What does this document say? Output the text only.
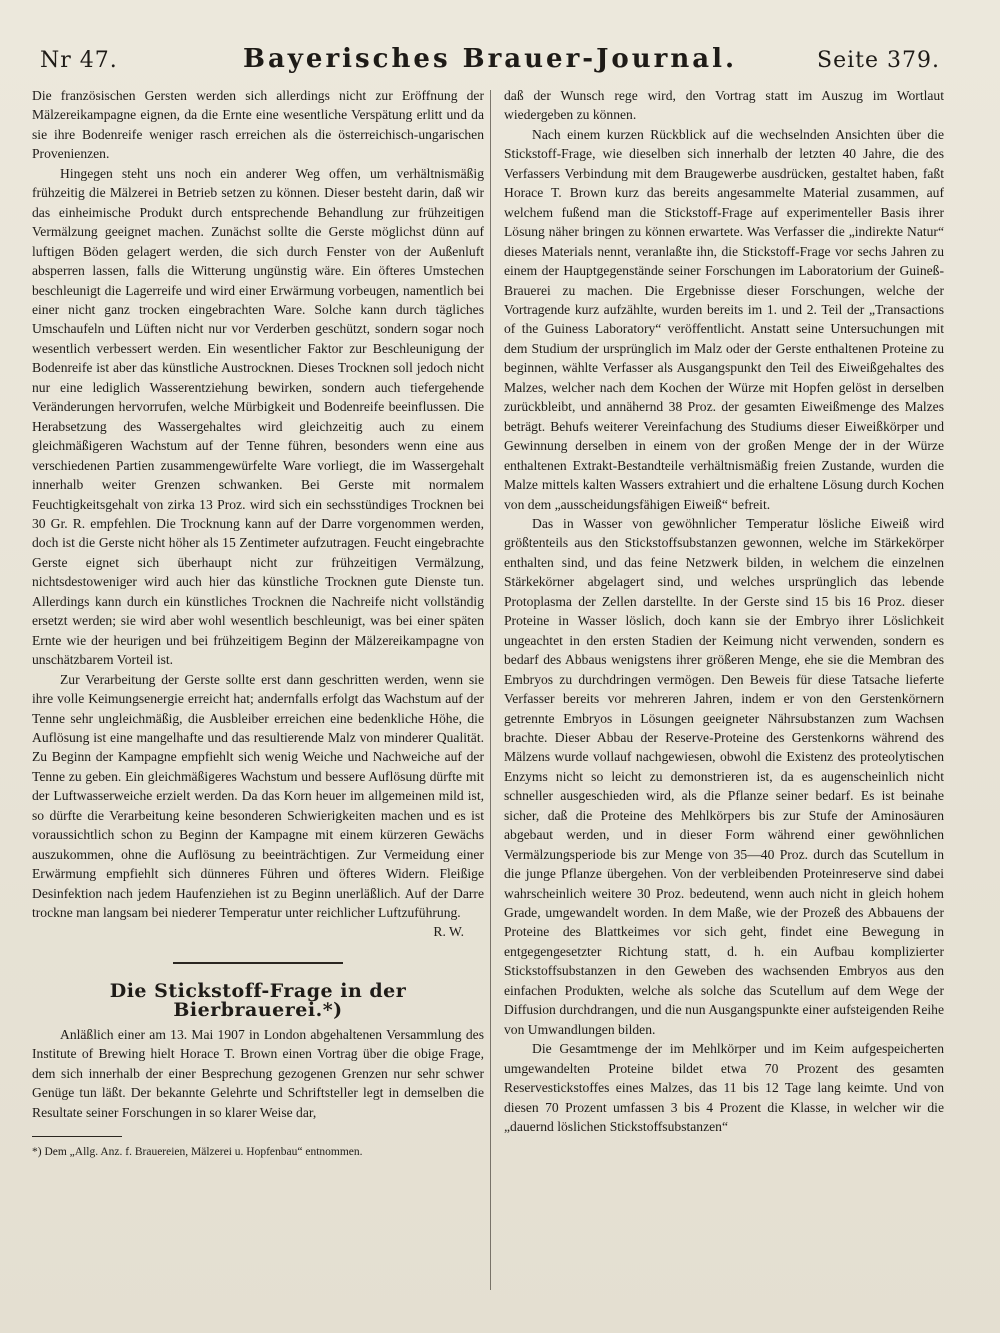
Nr 47.	Bayerisches Brauer-Journal.	Seite 379.

Die französischen Gersten werden sich allerdings nicht zur Eröffnung der Mälzereikampagne eignen, da die Ernte eine wesentliche Verspätung erlitt und da sie ihre Bodenreife weniger rasch erreichen als die österreichisch-ungarischen Provenienzen.

Hingegen steht uns noch ein anderer Weg offen, um verhältnismäßig frühzeitig die Mälzerei in Betrieb setzen zu können. Dieser besteht darin, daß wir das einheimische Produkt durch entsprechende Behandlung zur frühzeitigen Vermälzung geeignet machen. Zunächst sollte die Gerste möglichst dünn auf luftigen Böden gelagert werden, die sich durch Fenster von der Außenluft absperren lassen, falls die Witterung ungünstig wäre. Ein öfteres Umstechen beschleunigt die Lagerreife und wird einer Erwärmung vorbeugen, namentlich bei einer nicht ganz trocken eingebrachten Ware. Solche kann durch tägliches Umschaufeln und Lüften nicht nur vor Verderben geschützt, sondern sogar noch wesentlich verbessert werden. Ein wesentlicher Faktor zur Beschleunigung der Bodenreife ist aber das künstliche Austrocknen. Dieses Trocknen soll jedoch nicht nur eine lediglich Wasserentziehung bewirken, sondern auch tiefergehende Veränderungen hervorrufen, welche Mürbigkeit und Bodenreife beeinflussen. Die Herabsetzung des Wassergehaltes wird gleichzeitig auch zu einem gleichmäßigeren Wachstum auf der Tenne führen, besonders wenn eine aus verschiedenen Partien zusammengewürfelte Ware vorliegt, die im Wassergehalt innerhalb weiter Grenzen schwanken. Bei Gerste mit normalem Feuchtigkeitsgehalt von zirka 13 Proz. wird sich ein sechsstündiges Trocknen bei 30 Gr. R. empfehlen. Die Trocknung kann auf der Darre vorgenommen werden, doch ist die Gerste nicht höher als 15 Zentimeter aufzutragen. Feucht eingebrachte Gerste eignet sich überhaupt nicht zur frühzeitigen Vermälzung, nichtsdestoweniger wird auch hier das künstliche Trocknen gute Dienste tun. Allerdings kann durch ein künstliches Trocknen die Nachreife nicht vollständig ersetzt werden; sie wird aber wohl wesentlich beschleunigt, was bei einer späten Ernte wie der heurigen und bei frühzeitigem Beginn der Mälzereikampagne von unschätzbarem Vorteil ist.

Zur Verarbeitung der Gerste sollte erst dann geschritten werden, wenn sie ihre volle Keimungsenergie erreicht hat; andernfalls erfolgt das Wachstum auf der Tenne sehr ungleichmäßig, die Ausbleiber erreichen eine bedenkliche Höhe, die Auflösung ist eine mangelhafte und das resultierende Malz von minderer Qualität. Zu Beginn der Kampagne empfiehlt sich wenig Weiche und Nachweiche auf der Tenne zu geben. Ein gleichmäßigeres Wachstum und bessere Auflösung dürfte mit der Luftwasserweiche erzielt werden. Da das Korn heuer im allgemeinen mild ist, so dürfte die Verarbeitung keine besonderen Schwierigkeiten machen und es ist voraussichtlich schon zu Beginn der Kampagne mit einem kürzeren Gewächs auszukommen, ohne die Auflösung zu beeinträchtigen. Zur Vermeidung einer Erwärmung empfiehlt sich dünneres Führen und öfteres Widern. Fleißige Desinfektion nach jedem Haufenziehen ist zu Beginn unerläßlich. Auf der Darre trockne man langsam bei niederer Temperatur unter reichlicher Luftzuführung.

R. W.

Die Stickstoff-Frage in der Bierbrauerei.*)

Anläßlich einer am 13. Mai 1907 in London abgehaltenen Versammlung des Institute of Brewing hielt Horace T. Brown einen Vortrag über die obige Frage, dem sich innerhalb der einer Besprechung gezogenen Grenzen nur sehr schwer Genüge tun läßt. Der bekannte Gelehrte und Schriftsteller legt in demselben die Resultate seiner Forschungen in so klarer Weise dar,

*) Dem „Allg. Anz. f. Brauereien, Mälzerei u. Hopfenbau“ entnommen.

daß der Wunsch rege wird, den Vortrag statt im Auszug im Wortlaut wiedergeben zu können.

Nach einem kurzen Rückblick auf die wechselnden Ansichten über die Stickstoff-Frage, wie dieselben sich innerhalb der letzten 40 Jahre, die des Verfassers Verbindung mit dem Braugewerbe ausdrücken, gestaltet haben, faßt Horace T. Brown kurz das bereits angesammelte Material zusammen, auf welchem fußend man die Stickstoff-Frage auf experimenteller Basis ihrer Lösung näher bringen zu können erwartete. Was Verfasser die „indirekte Natur“ dieses Materials nennt, veranlaßte ihn, die Stickstoff-Frage vor sechs Jahren zu einem der Hauptgegenstände seiner Forschungen im Laboratorium der Guineß-Brauerei zu machen. Die Ergebnisse dieser Forschungen, welche der Vortragende kurz aufzählte, wurden bereits im 1. und 2. Teil der „Transactions of the Guiness Laboratory“ veröffentlicht. Anstatt seine Untersuchungen mit dem Studium der ursprünglich im Malz oder der Gerste enthaltenen Proteine zu beginnen, wählte Verfasser als Ausgangspunkt den Teil des Eiweißgehaltes des Malzes, welcher nach dem Kochen der Würze mit Hopfen gelöst in derselben zurückbleibt, und annähernd 38 Proz. der gesamten Eiweißmenge des Malzes beträgt. Behufs weiterer Vereinfachung des Studiums dieser Eiweißkörper und Gewinnung derselben in einem von der großen Menge der in der Würze enthaltenen Extrakt-Bestandteile verhältnismäßig freien Zustande, wurden die Malze mittels kalten Wassers extrahiert und die erhaltene Lösung durch Kochen von dem „ausscheidungsfähigen Eiweiß“ befreit.

Das in Wasser von gewöhnlicher Temperatur lösliche Eiweiß wird größtenteils aus den Stickstoffsubstanzen gewonnen, welche im Stärkekörper enthalten sind, und das feine Netzwerk bilden, in welchem die einzelnen Stärkekörner abgelagert sind, und welches ursprünglich das lebende Protoplasma der Zellen darstellte. In der Gerste sind 15 bis 16 Proz. dieser Proteine in Wasser löslich, doch kann sie der Embryo ihrer Löslichkeit ungeachtet in den ersten Stadien der Keimung nicht verwenden, sondern es bedarf des Abbaus wenigstens ihrer größeren Menge, ehe sie die Membran des Embryos zu durchdringen vermögen. Den Beweis für diese Tatsache lieferte Verfasser bereits vor mehreren Jahren, indem er von den Gerstenkörnern getrennte Embryos in Lösungen geeigneter Nährsubstanzen zum Wachsen brachte. Dieser Abbau der Reserve-Proteine des Gerstenkorns während des Mälzens wurde vollauf nachgewiesen, obwohl die Existenz des proteolytischen Enzyms nicht so leicht zu demonstrieren ist, da es augenscheinlich nicht schneller ausgeschieden wird, als die Pflanze seiner bedarf. Es ist beinahe sicher, daß die Proteine des Mehlkörpers bis zur Stufe der Aminosäuren abgebaut werden, und in dieser Form während einer gewöhnlichen Vermälzungsperiode bis zur Menge von 35—40 Proz. durch das Scutellum in die junge Pflanze übergehen. Von der verbleibenden Proteinreserve sind dabei wahrscheinlich weitere 30 Proz. bedeutend, wenn auch nicht in gleich hohem Grade, umgewandelt worden. In dem Maße, wie der Prozeß des Abbauens der Proteine des Blattkeimes vor sich geht, findet eine Bewegung in entgegengesetzter Richtung statt, d. h. ein Aufbau komplizierter Stickstoffsubstanzen in den Geweben des wachsenden Embryos aus den einfachen Produkten, welche als solche das Scutellum auf dem Wege der Diffusion durchdrangen, und die nun Ausgangspunkte einer aufsteigenden Reihe von Umwandlungen bilden.

Die Gesamtmenge der im Mehlkörper und im Keim aufgespeicherten umgewandelten Proteine bildet etwa 70 Prozent des gesamten Reservestickstoffes eines Malzes, das 11 bis 12 Tage lang keimte. Und von diesen 70 Prozent umfassen 3 bis 4 Prozent die Klasse, in welcher wir die „dauernd löslichen Stickstoffsubstanzen“
